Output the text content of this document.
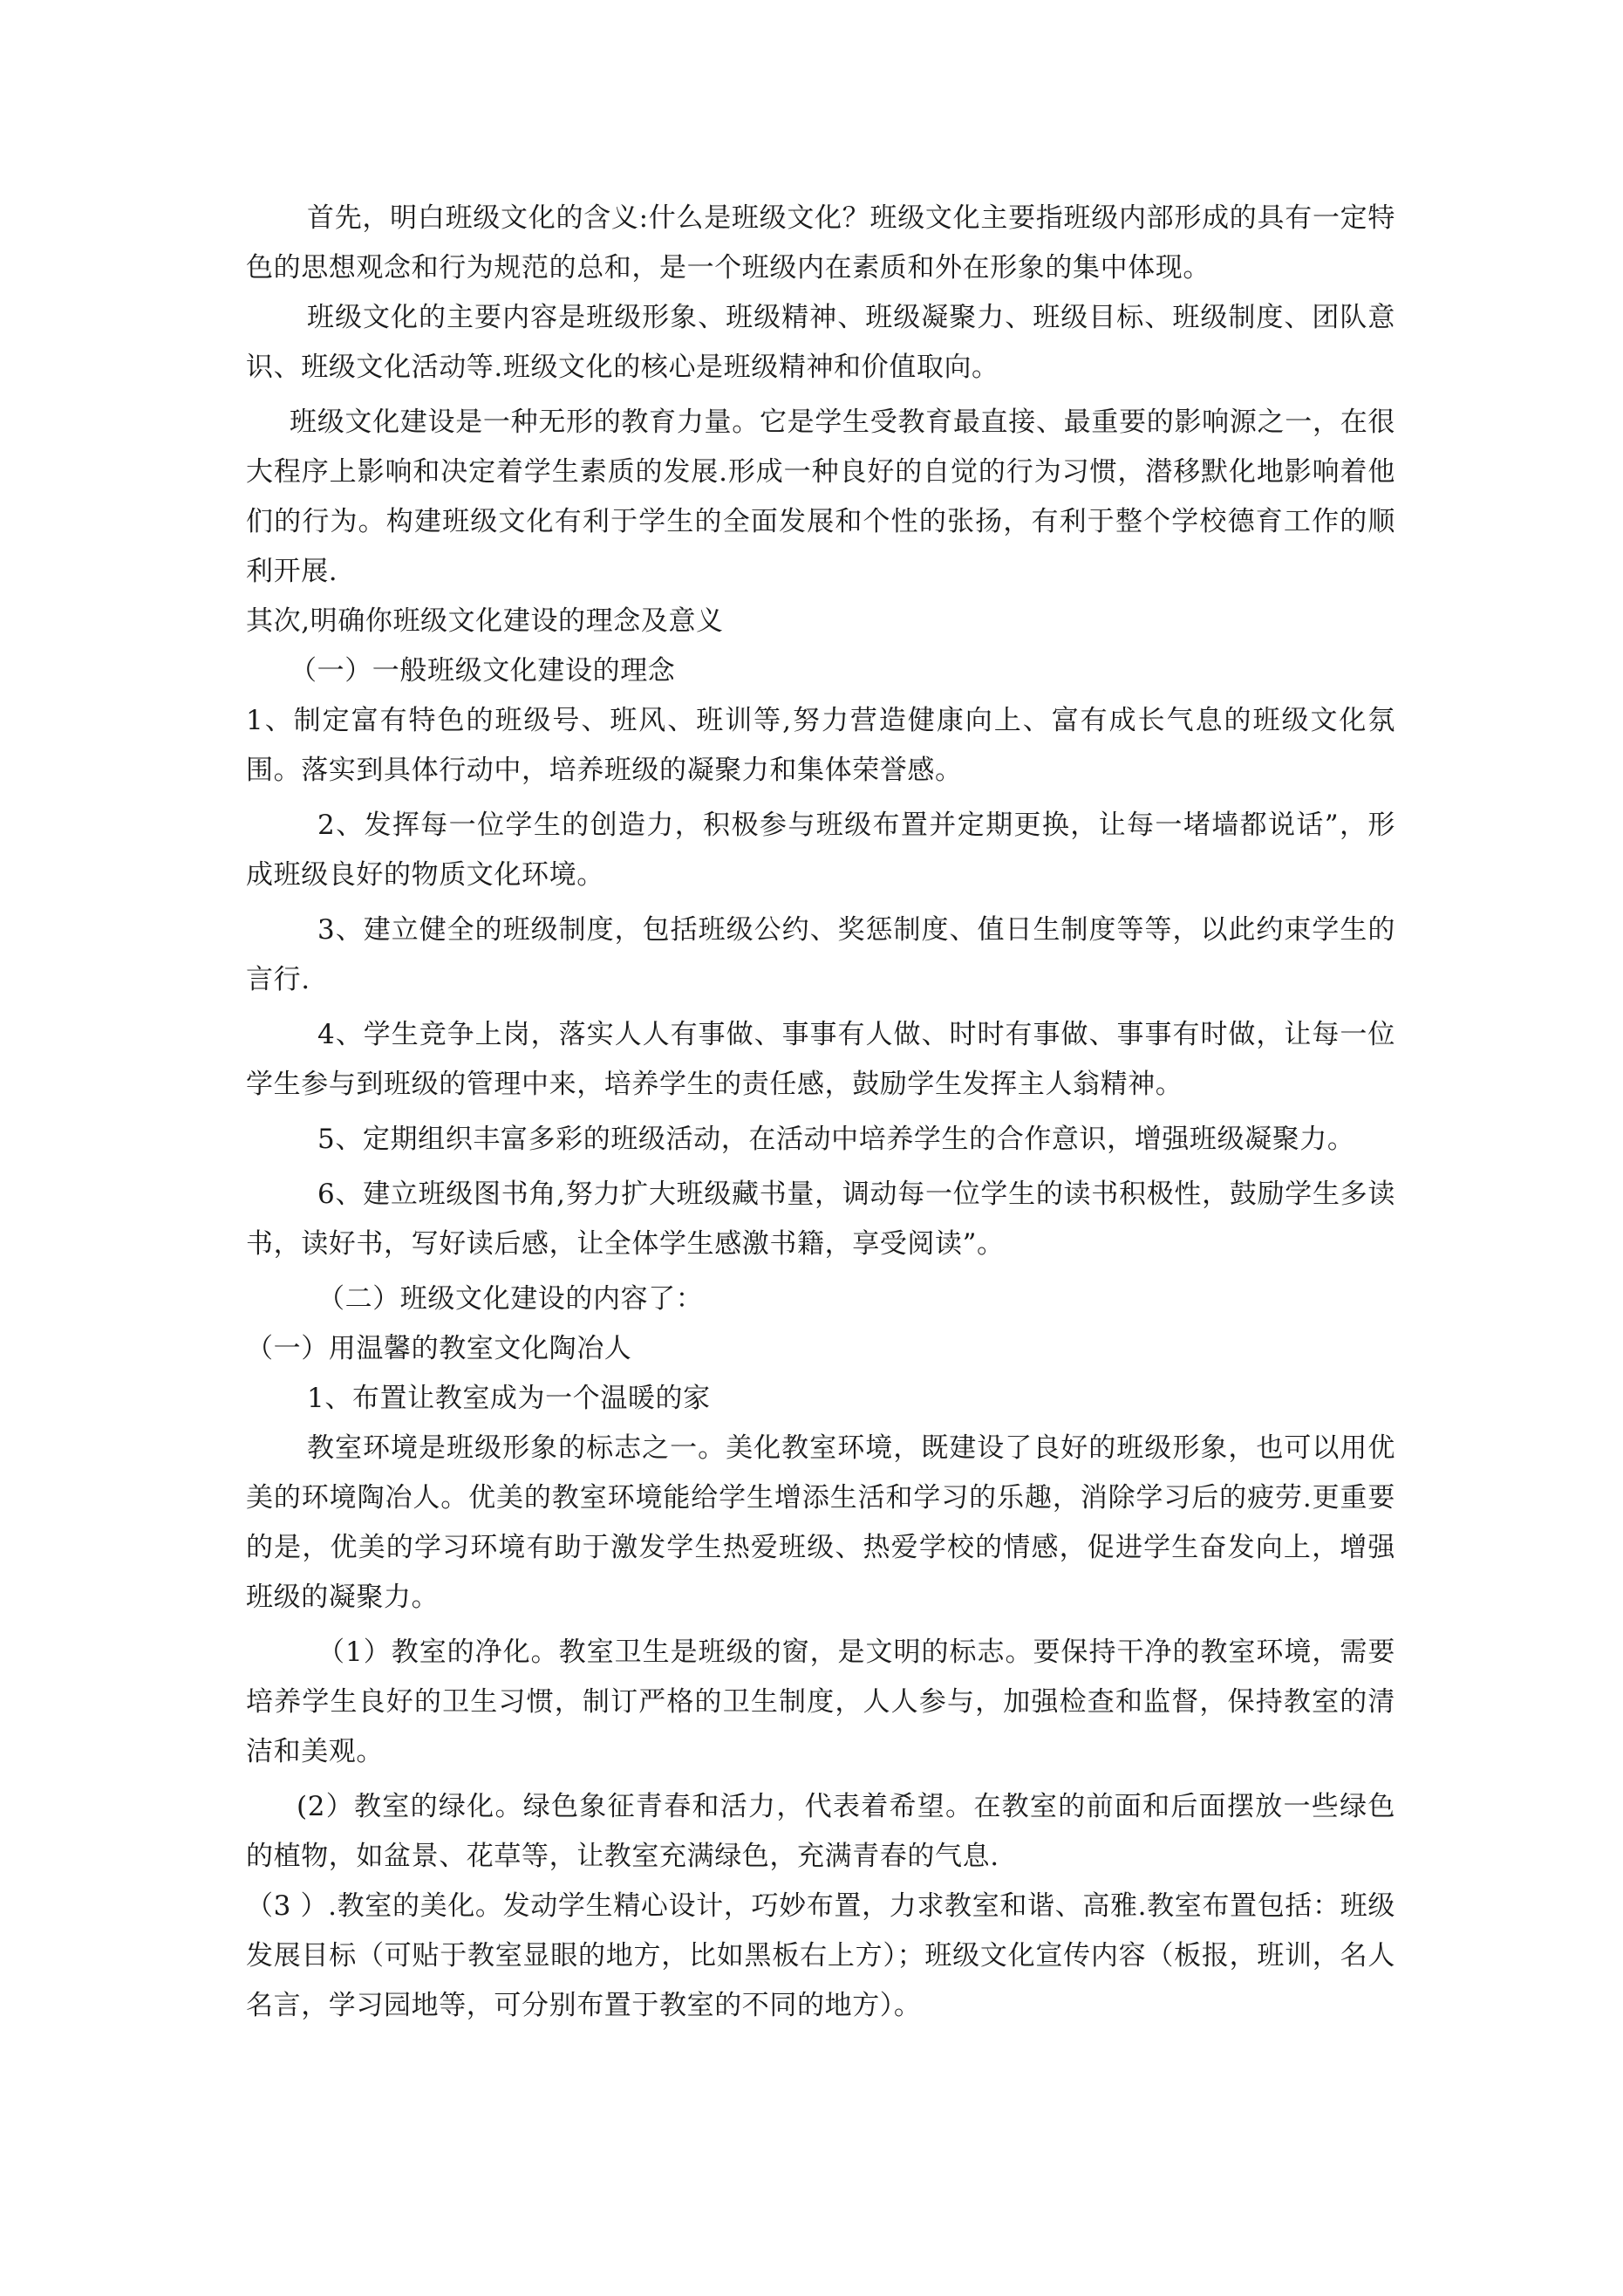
首先，明白班级文化的含义:什么是班级文化？班级文化主要指班级内部形成的具有一定特色的思想观念和行为规范的总和，是一个班级内在素质和外在形象的集中体现。

班级文化的主要内容是班级形象、班级精神、班级凝聚力、班级目标、班级制度、团队意识、班级文化活动等.班级文化的核心是班级精神和价值取向。

班级文化建设是一种无形的教育力量。它是学生受教育最直接、最重要的影响源之一，在很大程序上影响和决定着学生素质的发展.形成一种良好的自觉的行为习惯，潜移默化地影响着他们的行为。构建班级文化有利于学生的全面发展和个性的张扬，有利于整个学校德育工作的顺利开展.

其次,明确你班级文化建设的理念及意义

（一）一般班级文化建设的理念

1、制定富有特色的班级号、班风、班训等,努力营造健康向上、富有成长气息的班级文化氛围。落实到具体行动中，培养班级的凝聚力和集体荣誉感。

2、发挥每一位学生的创造力，积极参与班级布置并定期更换，让每一堵墙都说话”，形成班级良好的物质文化环境。

3、建立健全的班级制度，包括班级公约、奖惩制度、值日生制度等等，以此约束学生的言行.

4、学生竞争上岗，落实人人有事做、事事有人做、时时有事做、事事有时做，让每一位学生参与到班级的管理中来，培养学生的责任感，鼓励学生发挥主人翁精神。

5、定期组织丰富多彩的班级活动，在活动中培养学生的合作意识，增强班级凝聚力。

6、建立班级图书角,努力扩大班级藏书量，调动每一位学生的读书积极性，鼓励学生多读书，读好书，写好读后感，让全体学生感激书籍，享受阅读”。

（二）班级文化建设的内容了：

（一）用温馨的教室文化陶冶人

1、布置让教室成为一个温暖的家

教室环境是班级形象的标志之一。美化教室环境，既建设了良好的班级形象，也可以用优美的环境陶冶人。优美的教室环境能给学生增添生活和学习的乐趣，消除学习后的疲劳.更重要的是，优美的学习环境有助于激发学生热爱班级、热爱学校的情感，促进学生奋发向上，增强班级的凝聚力。

（1）教室的净化。教室卫生是班级的窗，是文明的标志。要保持干净的教室环境，需要培养学生良好的卫生习惯，制订严格的卫生制度，人人参与，加强检查和监督，保持教室的清洁和美观。

(2）教室的绿化。绿色象征青春和活力，代表着希望。在教室的前面和后面摆放一些绿色的植物，如盆景、花草等，让教室充满绿色，充满青春的气息.

（3 ）.教室的美化。发动学生精心设计，巧妙布置，力求教室和谐、高雅.教室布置包括：班级发展目标（可贴于教室显眼的地方，比如黑板右上方）；班级文化宣传内容（板报，班训，名人名言，学习园地等，可分别布置于教室的不同的地方）。
